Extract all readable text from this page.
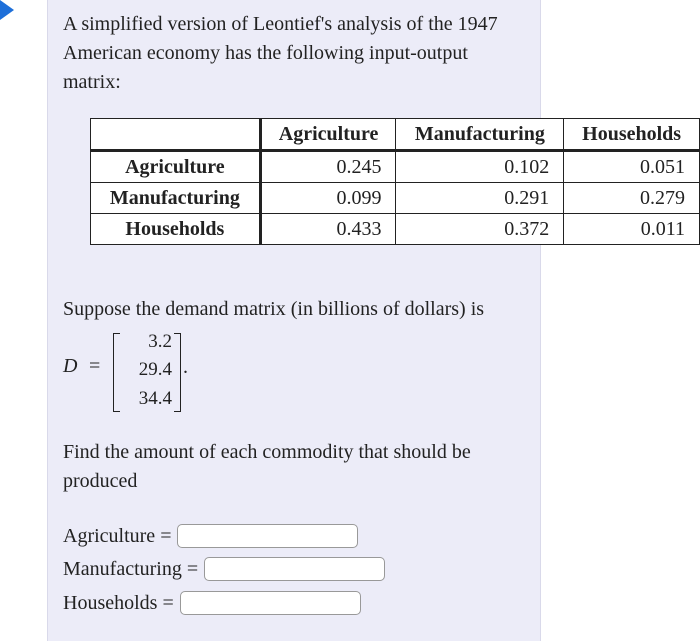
A simplified version of Leontief's analysis of the 1947 American economy has the following input-output matrix:

	Agriculture	Manufacturing	Households
Agriculture	0.245	0.102	0.051
Manufacturing	0.099	0.291	0.279
Households	0.433	0.372	0.011

Suppose the demand matrix (in billions of dollars) is

D =
3.2
29.4
34.4
.

Find the amount of each commodity that should be produced

Agriculture =
Manufacturing =
Households =
